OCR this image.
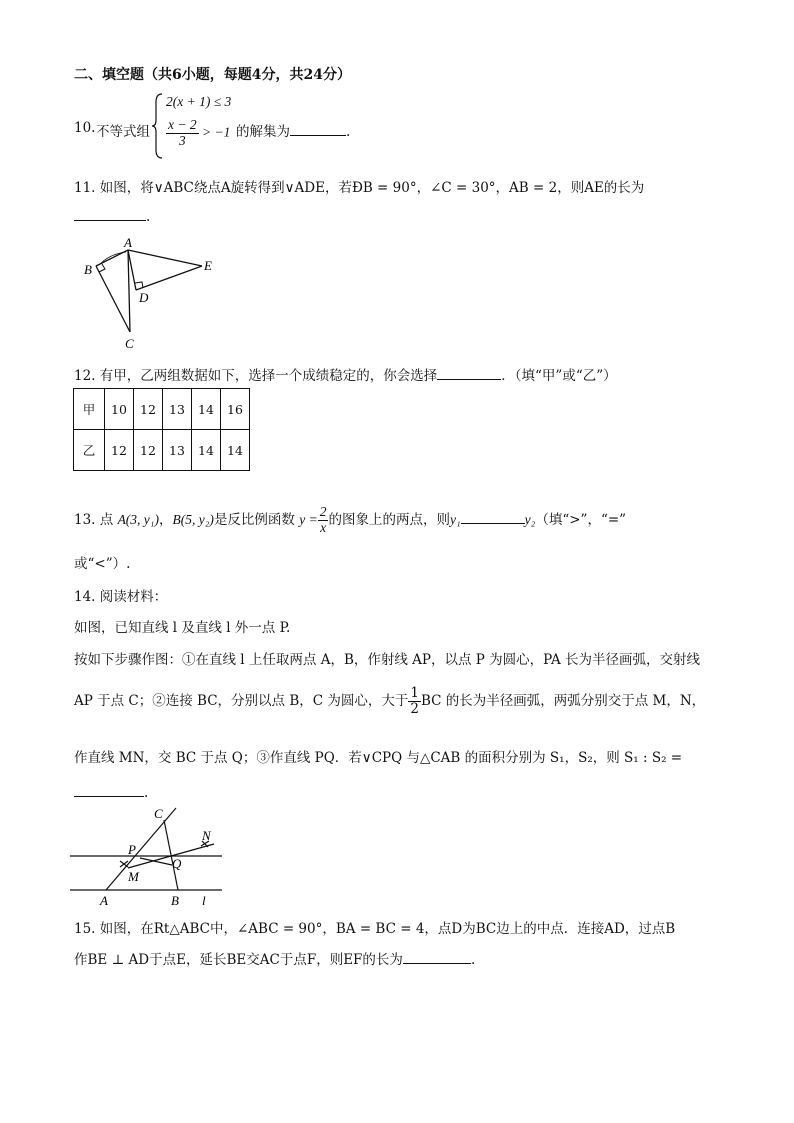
二、填空题（共6小题，每题4分，共24分）
10. 不等式组
2(x + 1) ≤ 3
$\frac{x - 2}{3} > -1$ 的解集为	.
11. 如图，将∨ABC绕点A旋转得到∨ADE，若ÐB = 90°，∠C = 30°，AB = 2，则AE的长为
.
A
B
C
D
E
12. 有甲，乙两组数据如下，选择一个成绩稳定的，你会选择	．（填“甲”或“乙”）
甲	10	12	13	14	16
乙	12	12	13	14	14
13. 点 A(3, y₁)，B(5, y₂)是反比例函数 $y = \frac{2}{x}$ 的图象上的两点，则y₁	y₂（填“>”，“=”
或“<”）.
14. 阅读材料：
如图，已知直线 l 及直线 l 外一点 P.
按如下步骤作图：①在直线 l 上任取两点 A，B，作射线 AP，以点 P 为圆心，PA 长为半径画弧，交射线
AP 于点 C；②连接 BC，分别以点 B，C 为圆心，大于 $\frac{1}{2}$ BC 的长为半径画弧，两弧分别交于点 M，N，
作直线 MN，交 BC 于点 Q；③作直线 PQ．若∨CPQ 与△CAB 的面积分别为 S₁，S₂，则 S₁ : S₂ =
.
C
N
P
Q
M
A	B l
15. 如图，在Rt△ABC中，∠ABC = 90°，BA = BC = 4，点D为BC边上的中点．连接AD，过点B
作BE ⊥ AD于点E，延长BE交AC于点F，则EF的长为	.
